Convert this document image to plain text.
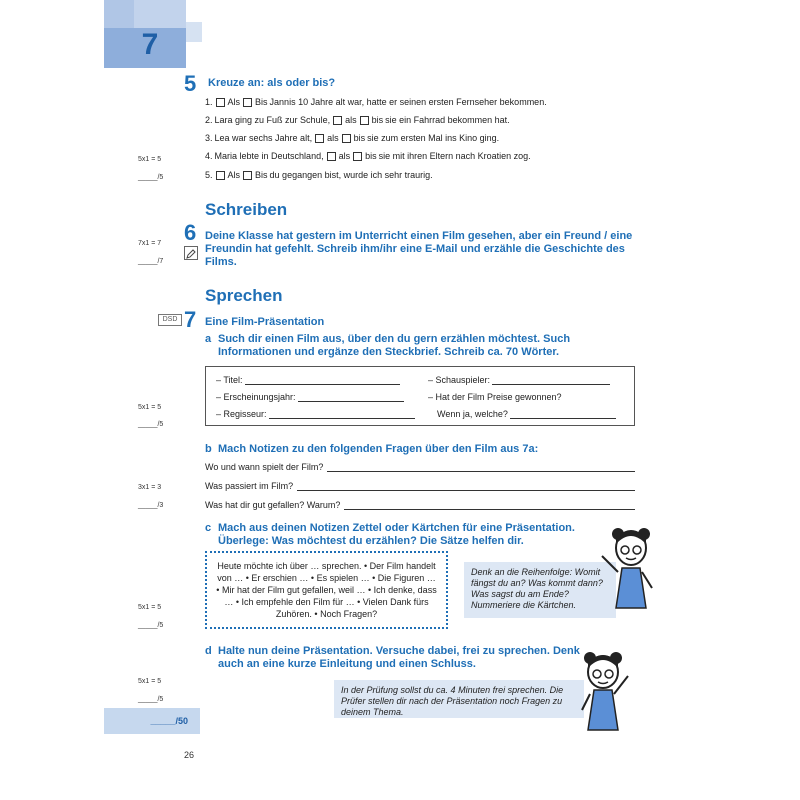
7
5 Kreuze an: als oder bis?
1. Als Bis Jannis 10 Jahre alt war, hatte er seinen ersten Fernseher bekommen.
2. Lara ging zu Fuß zur Schule, als bis sie ein Fahrrad bekommen hat.
3. Lea war sechs Jahre alt, als bis sie zum ersten Mal ins Kino ging.
4. Maria lebte in Deutschland, als bis sie mit ihren Eltern nach Kroatien zog.
5. Als Bis du gegangen bist, wurde ich sehr traurig.
5x1 = 5
_____/5
Schreiben
6 Deine Klasse hat gestern im Unterricht einen Film gesehen, aber ein Freund / eine Freundin hat gefehlt. Schreib ihm/ihr eine E-Mail und erzähle die Geschichte des Films.
7x1 = 7
_____/7
Sprechen
DSD 7 Eine Film-Präsentation
a Such dir einen Film aus, über den du gern erzählen möchtest. Such Informationen und ergänze den Steckbrief. Schreib ca. 70 Wörter.
– Titel:
– Erscheinungsjahr:
– Regisseur:
– Schauspieler:
– Hat der Film Preise gewonnen?
Wenn ja, welche?
5x1 = 5
_____/5
b Mach Notizen zu den folgenden Fragen über den Film aus 7a:
Wo und wann spielt der Film?
Was passiert im Film?
Was hat dir gut gefallen? Warum?
3x1 = 3
_____/3
c Mach aus deinen Notizen Zettel oder Kärtchen für eine Präsentation. Überlege: Was möchtest du erzählen? Die Sätze helfen dir.
Heute möchte ich über … sprechen. • Der Film handelt von … • Er erschien … • Es spielen … • Die Figuren … • Mir hat der Film gut gefallen, weil … • Ich denke, dass … • Ich empfehle den Film für … • Vielen Dank fürs Zuhören. • Noch Fragen?
Denk an die Reihenfolge: Womit fängst du an? Was kommt dann? Was sagst du am Ende? Nummeriere die Kärtchen.
5x1 = 5
_____/5
d Halte nun deine Präsentation. Versuche dabei, frei zu sprechen. Denk auch an eine kurze Einleitung und einen Schluss.
In der Prüfung sollst du ca. 4 Minuten frei sprechen. Die Prüfer stellen dir nach der Präsentation noch Fragen zu deinem Thema.
5x1 = 5
_____/5
_____/50
26
